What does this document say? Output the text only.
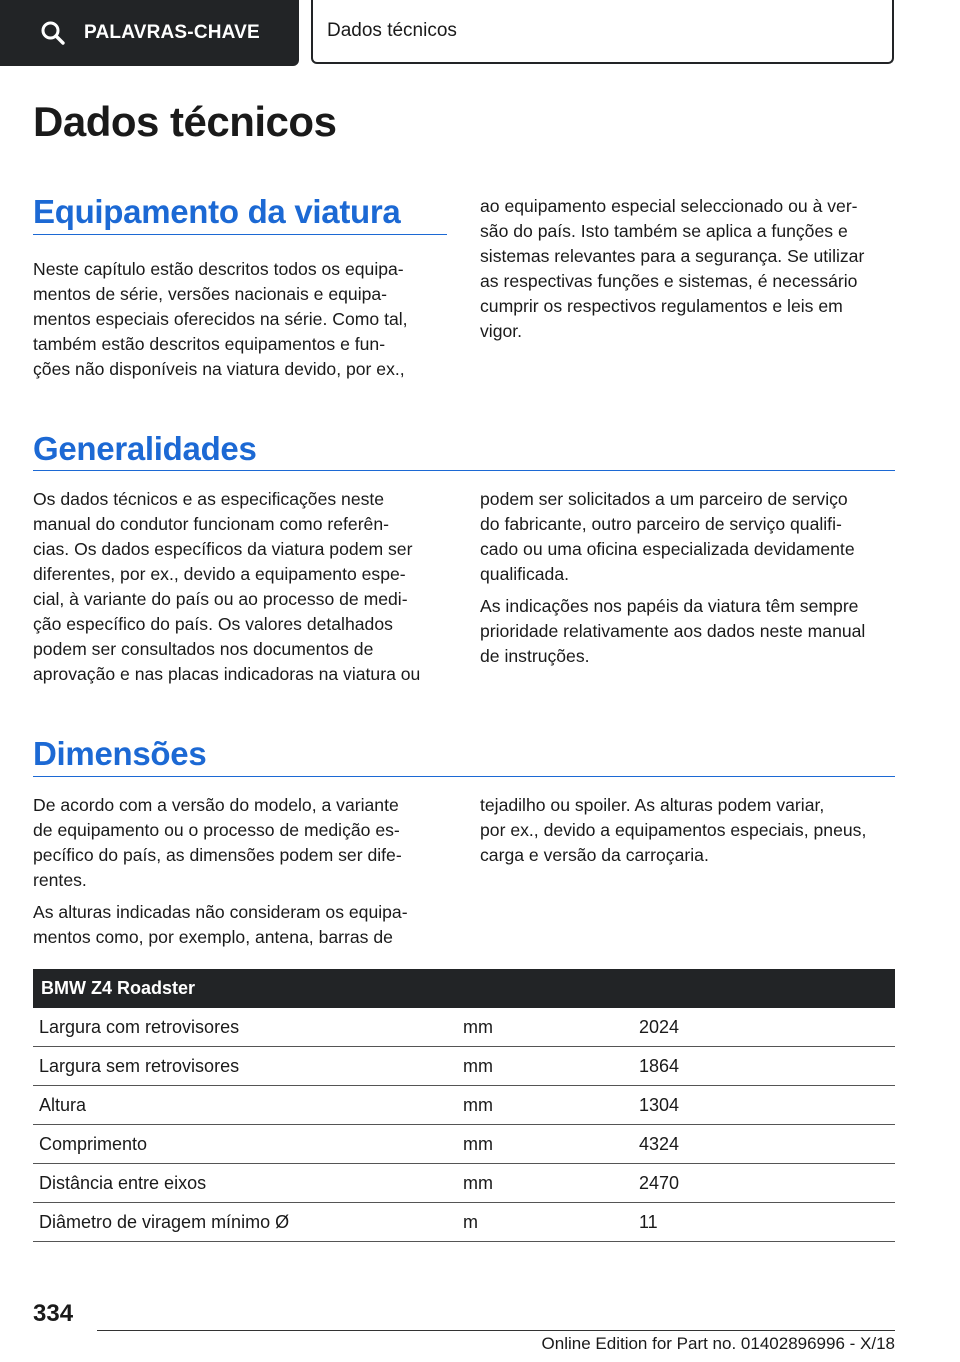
PALAVRAS-CHAVE	Dados técnicos
Dados técnicos
Equipamento da viatura

Neste capítulo estão descritos todos os equipa-
mentos de série, versões nacionais e equipa-
mentos especiais oferecidos na série. Como tal,
também estão descritos equipamentos e fun-
ções não disponíveis na viatura devido, por ex.,

ao equipamento especial seleccionado ou à ver-
são do país. Isto também se aplica a funções e
sistemas relevantes para a segurança. Se utilizar
as respectivas funções e sistemas, é necessário
cumprir os respectivos regulamentos e leis em
vigor.

Generalidades

Os dados técnicos e as especificações neste
manual do condutor funcionam como referên-
cias. Os dados específicos da viatura podem ser
diferentes, por ex., devido a equipamento espe-
cial, à variante do país ou ao processo de medi-
ção específico do país. Os valores detalhados
podem ser consultados nos documentos de
aprovação e nas placas indicadoras na viatura ou

podem ser solicitados a um parceiro de serviço
do fabricante, outro parceiro de serviço qualifi-
cado ou uma oficina especializada devidamente
qualificada.

As indicações nos papéis da viatura têm sempre
prioridade relativamente aos dados neste manual
de instruções.

Dimensões

De acordo com a versão do modelo, a variante
de equipamento ou o processo de medição es-
pecífico do país, as dimensões podem ser dife-
rentes.

As alturas indicadas não consideram os equipa-
mentos como, por exemplo, antena, barras de

tejadilho ou spoiler. As alturas podem variar,
por ex., devido a equipamentos especiais, pneus,
carga e versão da carroçaria.

BMW Z4 Roadster		
Largura com retrovisores	mm	2024
Largura sem retrovisores	mm	1864
Altura	mm	1304
Comprimento	mm	4324
Distância entre eixos	mm	2470
Diâmetro de viragem mínimo Ø	m	11
334
Online Edition for Part no. 01402896996 - X/18
